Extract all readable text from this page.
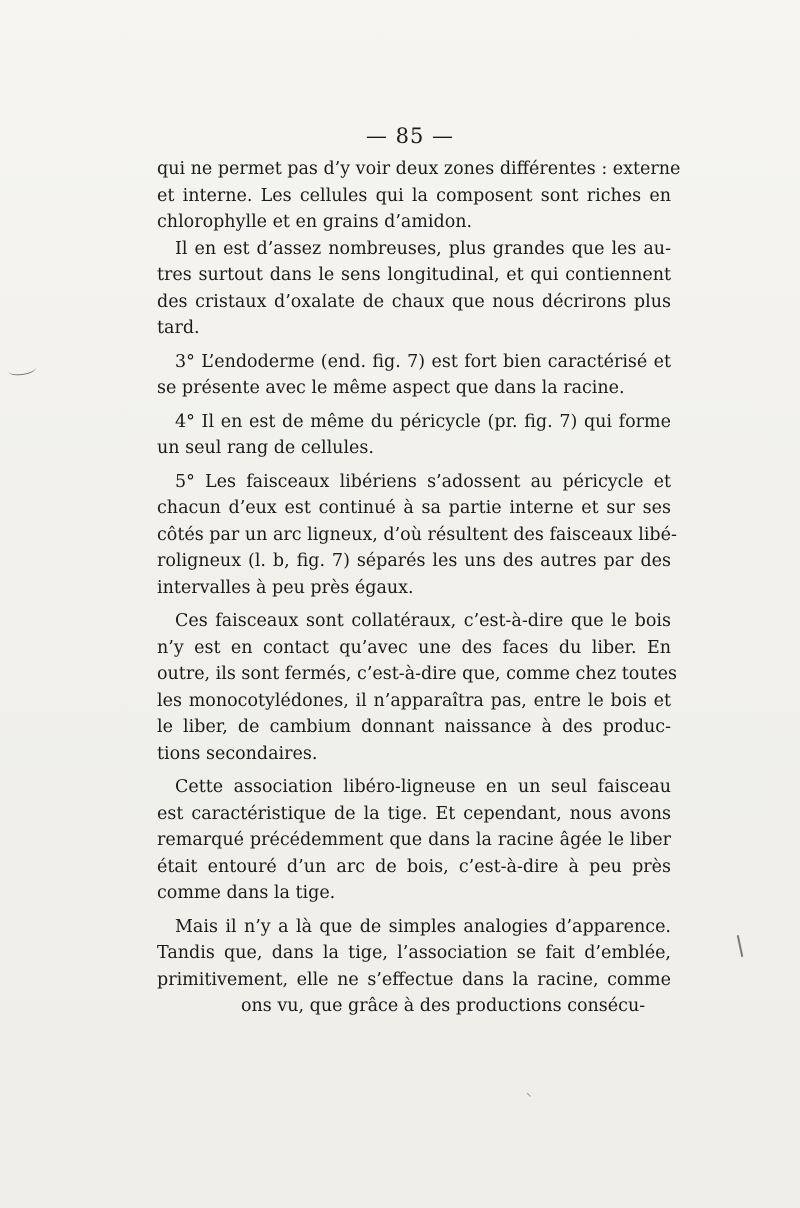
— 85 —
qui ne permet pas d’y voir deux zones différentes : externe
et interne. Les cellules qui la composent sont riches en
chlorophylle et en grains d’amidon.
Il en est d’assez nombreuses, plus grandes que les au-
tres surtout dans le sens longitudinal, et qui contiennent
des cristaux d’oxalate de chaux que nous décrirons plus
tard.
3° L’endoderme (end. fig. 7) est fort bien caractérisé et
se présente avec le même aspect que dans la racine.
4° Il en est de même du péricycle (pr. fig. 7) qui forme
un seul rang de cellules.
5° Les faisceaux libériens s’adossent au péricycle et
chacun d’eux est continué à sa partie interne et sur ses
côtés par un arc ligneux, d’où résultent des faisceaux libé-
roligneux (l. b, fig. 7) séparés les uns des autres par des
intervalles à peu près égaux.
Ces faisceaux sont collatéraux, c’est-à-dire que le bois
n’y est en contact qu’avec une des faces du liber. En
outre, ils sont fermés, c’est-à-dire que, comme chez toutes
les monocotylédones, il n’apparaîtra pas, entre le bois et
le liber, de cambium donnant naissance à des produc-
tions secondaires.
Cette association libéro-ligneuse en un seul faisceau
est caractéristique de la tige. Et cependant, nous avons
remarqué précédemment que dans la racine âgée le liber
était entouré d’un arc de bois, c’est-à-dire à peu près
comme dans la tige.
Mais il n’y a là que de simples analogies d’apparence.
Tandis que, dans la tige, l’association se fait d’emblée,
primitivement, elle ne s’effectue dans la racine, comme
ons vu, que grâce à des productions consécu-
